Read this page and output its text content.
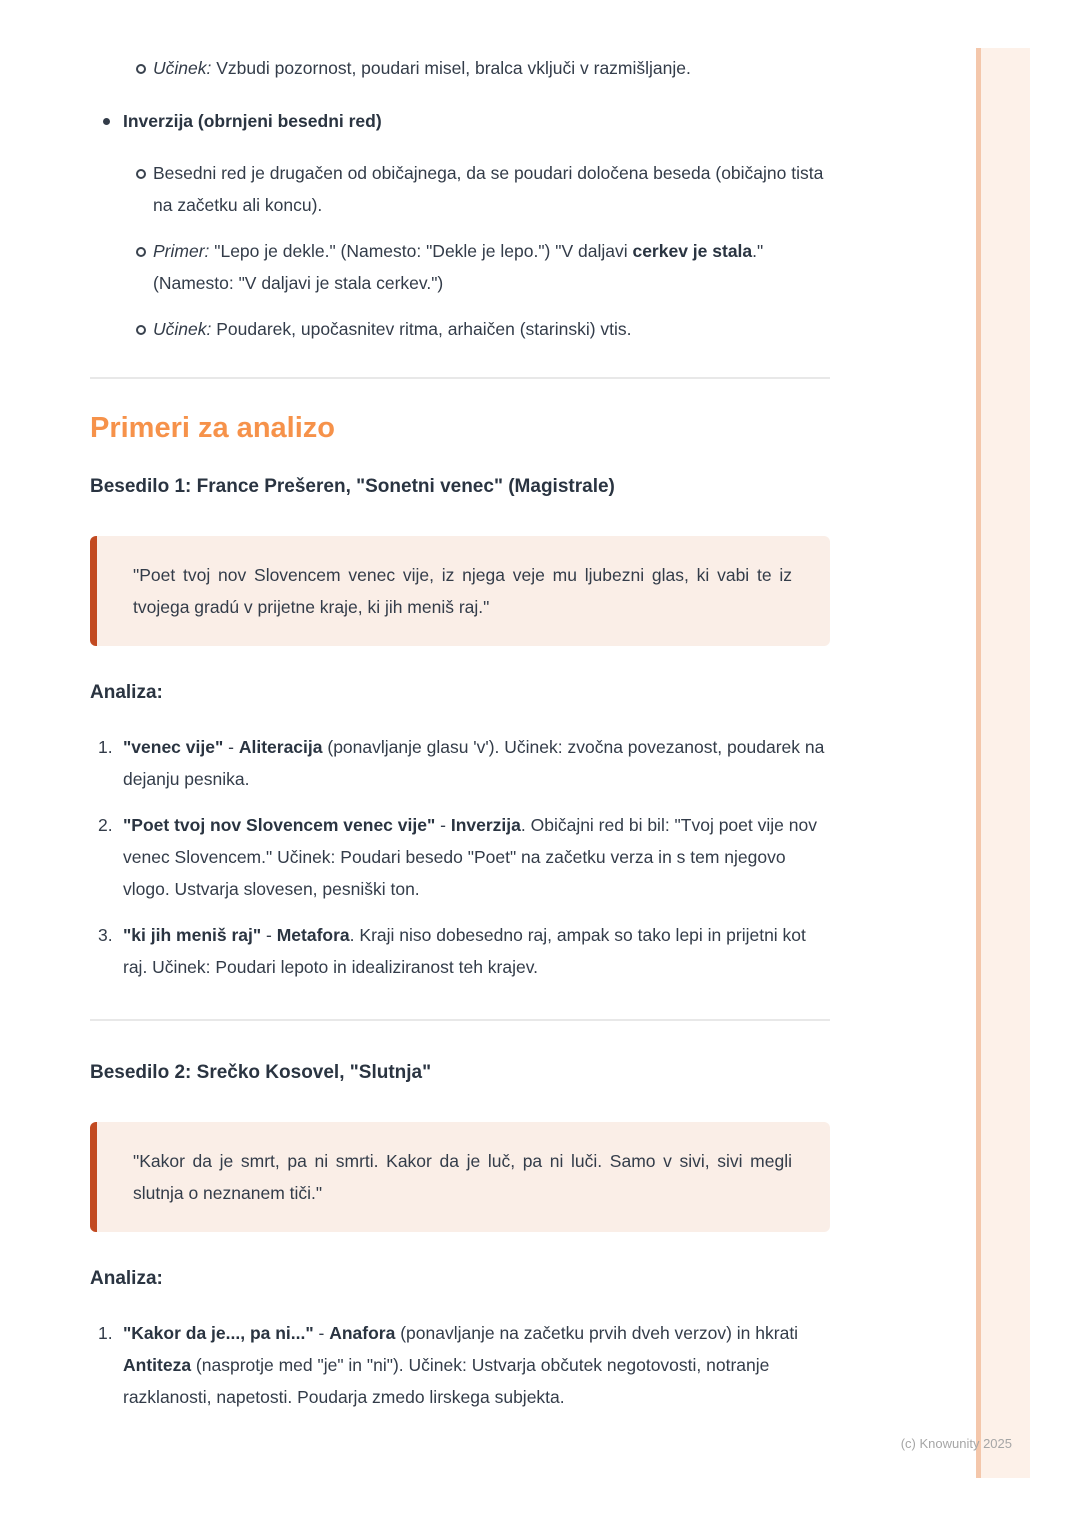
Učinek: Vzbudi pozornost, poudari misel, bralca vključi v razmišljanje.
Inverzija (obrnjeni besedni red)
Besedni red je drugačen od običajnega, da se poudari določena beseda (običajno tista na začetku ali koncu).
Primer: "Lepo je dekle." (Namesto: "Dekle je lepo.") "V daljavi cerkev je stala." (Namesto: "V daljavi je stala cerkev.")
Učinek: Poudarek, upočasnitev ritma, arhaičen (starinski) vtis.
Primeri za analizo
Besedilo 1: France Prešeren, "Sonetni venec" (Magistrale)

"Poet tvoj nov Slovencem venec vije, iz njega veje mu ljubezni glas, ki vabi te iz tvojega gradú v prijetne kraje, ki jih meniš raj."

Analiza:
1. "venec vije" - Aliteracija (ponavljanje glasu 'v'). Učinek: zvočna povezanost, poudarek na dejanju pesnika.
2. "Poet tvoj nov Slovencem venec vije" - Inverzija. Običajni red bi bil: "Tvoj poet vije nov venec Slovencem." Učinek: Poudari besedo "Poet" na začetku verza in s tem njegovo vlogo. Ustvarja slovesen, pesniški ton.
3. "ki jih meniš raj" - Metafora. Kraji niso dobesedno raj, ampak so tako lepi in prijetni kot raj. Učinek: Poudari lepoto in idealiziranost teh krajev.
Besedilo 2: Srečko Kosovel, "Slutnja"

"Kakor da je smrt, pa ni smrti. Kakor da je luč, pa ni luči. Samo v sivi, sivi megli slutnja o neznanem tiči."

Analiza:
1. "Kakor da je..., pa ni..." - Anafora (ponavljanje na začetku prvih dveh verzov) in hkrati Antiteza (nasprotje med "je" in "ni"). Učinek: Ustvarja občutek negotovosti, notranje razklanosti, napetosti. Poudarja zmedo lirskega subjekta.
(c) Knowunity 2025
